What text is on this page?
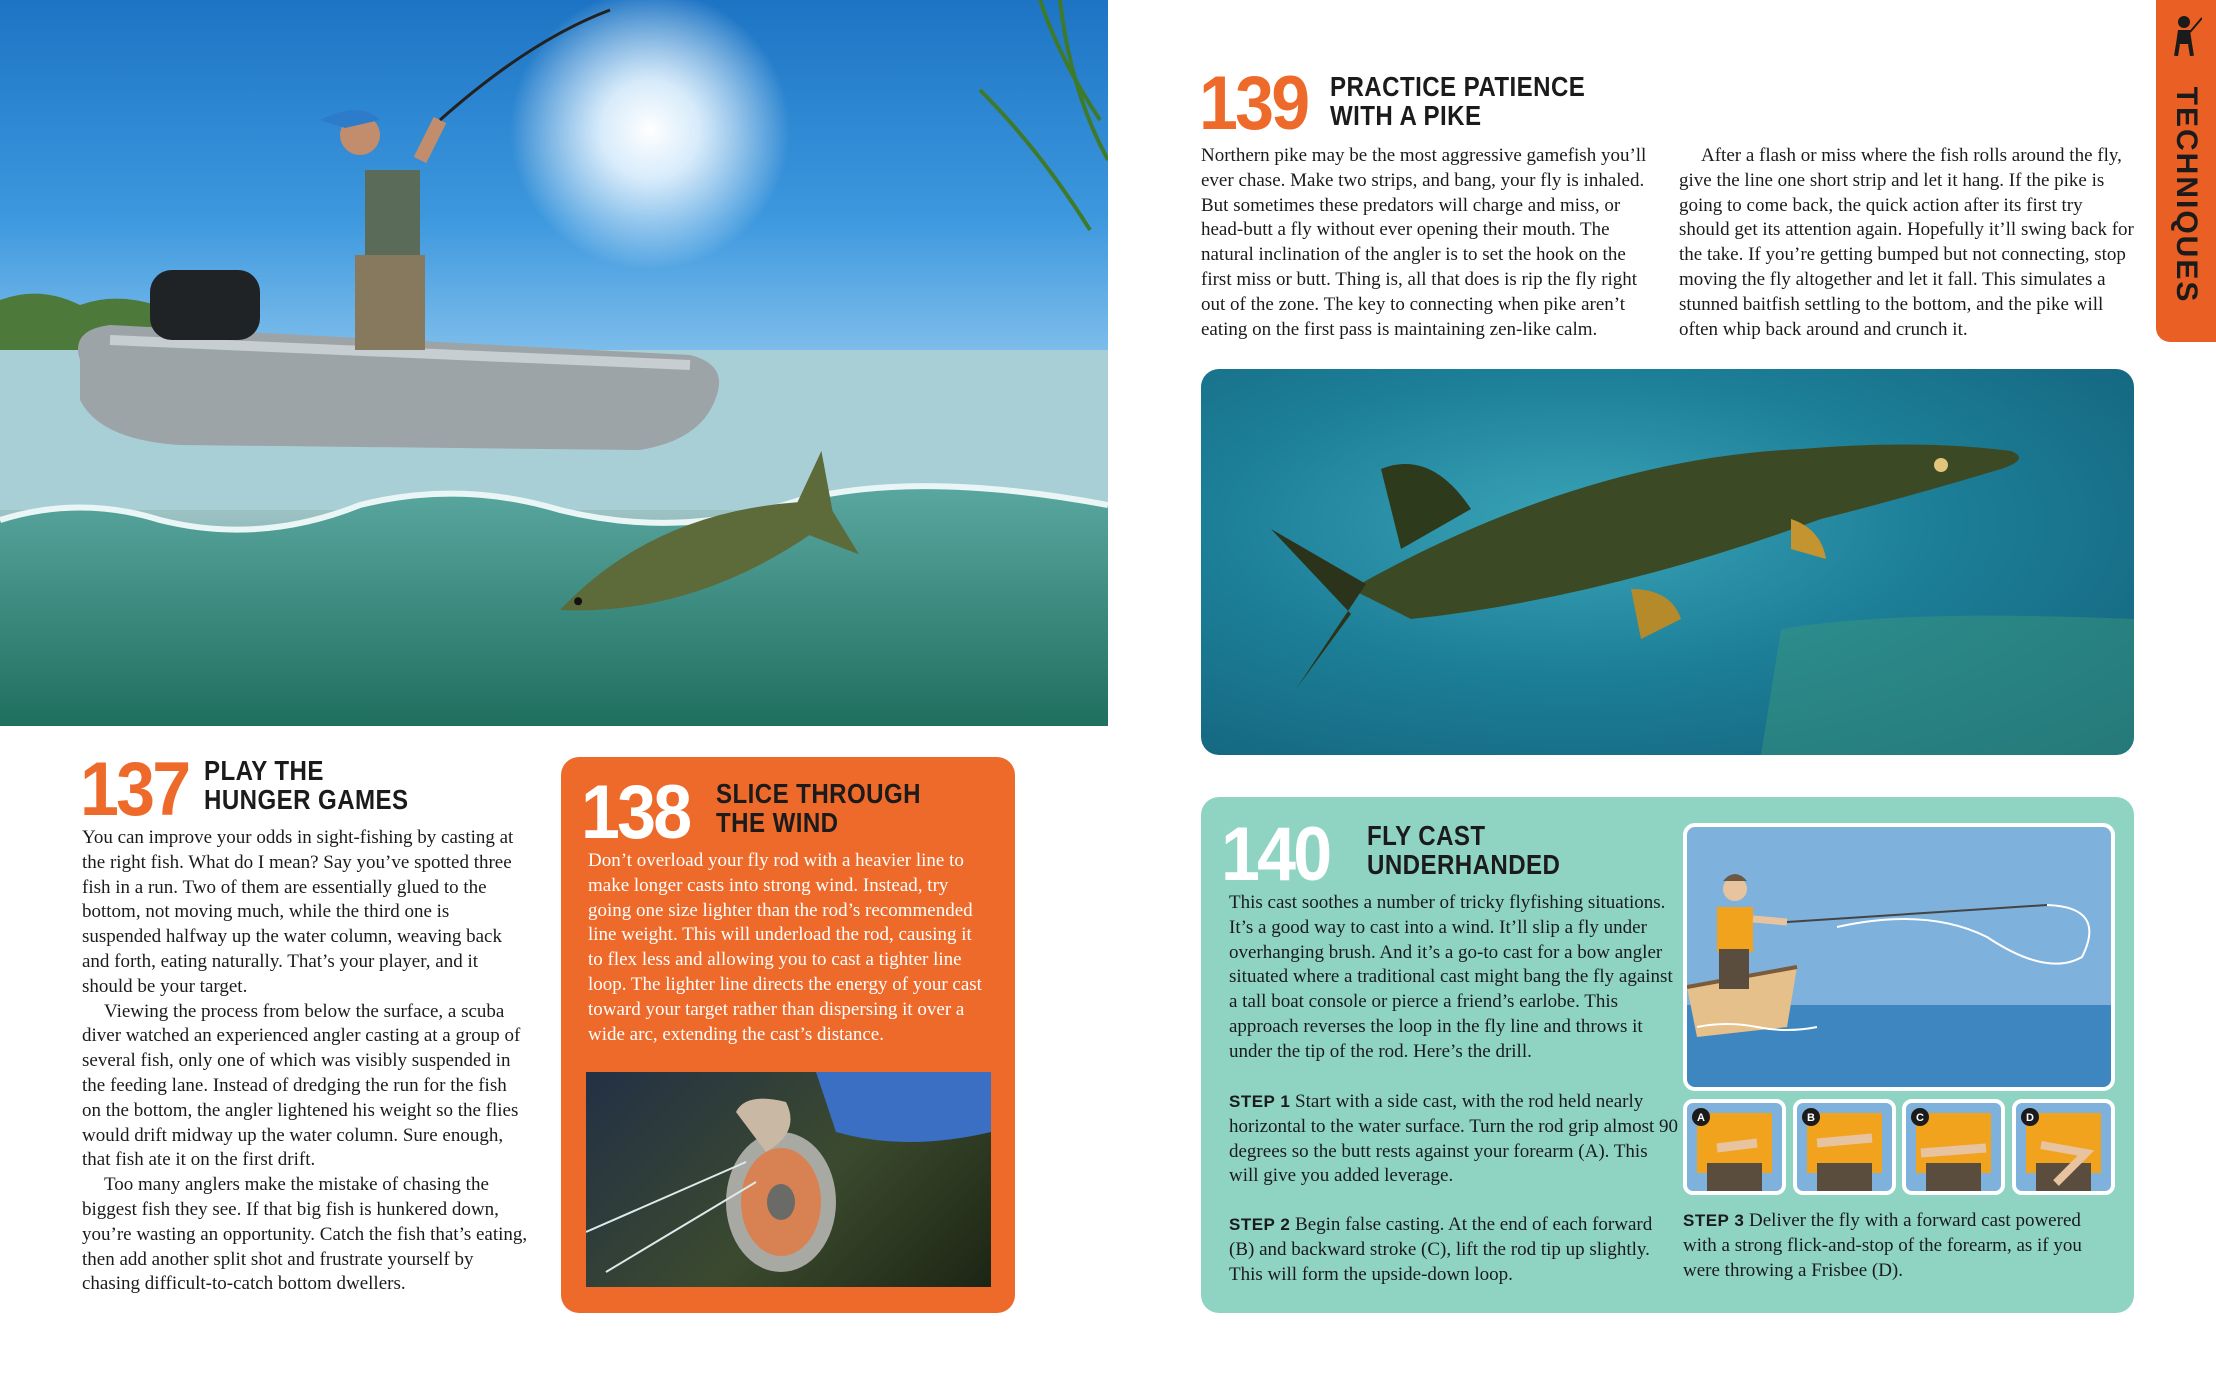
TECHNIQUES
137 PLAY THE
HUNGER GAMES

You can improve your odds in sight-fishing by casting at the right fish. What do I mean? Say you’ve spotted three fish in a run. Two of them are essentially glued to the bottom, not moving much, while the third one is suspended halfway up the water column, weaving back and forth, eating naturally. That’s your player, and it should be your target.

Viewing the process from below the surface, a scuba diver watched an experienced angler casting at a group of several fish, only one of which was visibly suspended in the feeding lane. Instead of dredging the run for the fish on the bottom, the angler lightened his weight so the flies would drift midway up the water column. Sure enough, that fish ate it on the first drift.

Too many anglers make the mistake of chasing the biggest fish they see. If that big fish is hunkered down, you’re wasting an opportunity. Catch the fish that’s eating, then add another split shot and frustrate yourself by chasing difficult-to-catch bottom dwellers.

138 SLICE THROUGH
THE WIND
Don’t overload your fly rod with a heavier line to make longer casts into strong wind. Instead, try going one size lighter than the rod’s recommended line weight. This will underload the rod, causing it to flex less and allowing you to cast a tighter line loop. The lighter line directs the energy of your cast toward your target rather than dispersing it over a wide arc, extending the cast’s distance.
139 PRACTICE PATIENCE
WITH A PIKE
Northern pike may be the most aggressive gamefish you’ll ever chase. Make two strips, and bang, your fly is inhaled. But sometimes these predators will charge and miss, or head-butt a fly without ever opening their mouth. The natural inclination of the angler is to set the hook on the first miss or butt. Thing is, all that does is rip the fly right out of the zone. The key to connecting when pike aren’t eating on the first pass is maintaining zen-like calm.
After a flash or miss where the fish rolls around the fly, give the line one short strip and let it hang. If the pike is going to come back, the quick action after its first try should get its attention again. Hopefully it’ll swing back for the take. If you’re getting bumped but not connecting, stop moving the fly altogether and let it fall. This simulates a stunned baitfish settling to the bottom, and the pike will often whip back around and crunch it.
140 FLY CAST
UNDERHANDED
This cast soothes a number of tricky flyfishing situations. It’s a good way to cast into a wind. It’ll slip a fly under overhanging brush. And it’s a go-to cast for a bow angler situated where a traditional cast might bang the fly against a tall boat console or pierce a friend’s earlobe. This approach reverses the loop in the fly line and throws it under the tip of the rod. Here’s the drill.
STEP 1 Start with a side cast, with the rod held nearly horizontal to the water surface. Turn the rod grip almost 90 degrees so the butt rests against your forearm (A). This will give you added leverage.
STEP 2 Begin false casting. At the end of each forward (B) and backward stroke (C), lift the rod tip up slightly. This will form the upside-down loop.
STEP 3 Deliver the fly with a forward cast powered with a strong flick-and-stop of the forearm, as if you were throwing a Frisbee (D).
A	B	C	D
